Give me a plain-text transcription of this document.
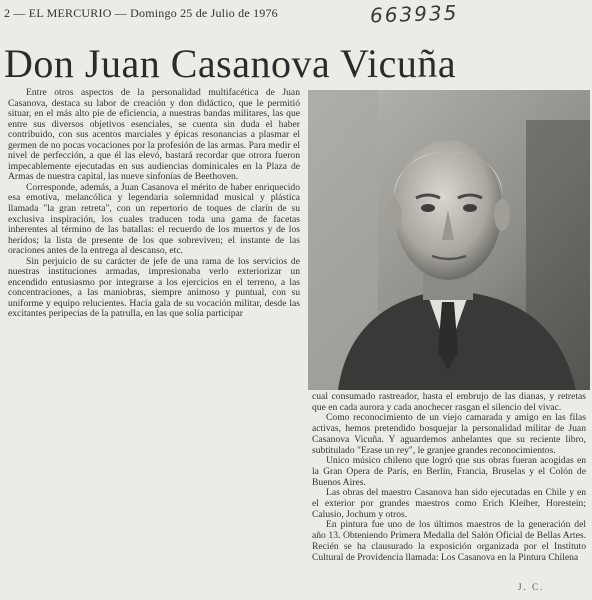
2 — EL MERCURIO — Domingo 25 de Julio de 1976	663935
Don Juan Casanova Vicuña

Entre otros aspectos de la personalidad multifacética de Juan Casanova, destaca su labor de creación y don didáctico, que le permitió situar, en el más alto pie de eficiencia, a nuestras bandas militares, las que entre sus diversos objetivos esenciales, se cuenta sin duda el haber contribuido, con sus acentos marciales y épicas resonancias a plasmar el germen de no pocas vocaciones por la profesión de las armas. Para medir el nivel de perfección, a que él las elevó, bastará recordar que otrora fueron impecablemente ejecutadas en sus audiencias dominicales en la Plaza de Armas de nuestra capital, las nueve sinfonías de Beethoven.

Corresponde, además, a Juan Casanova el mérito de haber enriquecido esa emotiva, melancólica y legendaria solemnidad musical y plástica llamada "la gran retreta", con un repertorio de toques de clarín de su exclusiva inspiración, los cuales traducen toda una gama de facetas inherentes al término de las batallas: el recuerdo de los muertos y de los heridos; la lista de presente de los que sobreviven; el instante de las oraciones antes de la entrega al descanso, etc.

Sin perjuicio de su carácter de jefe de una rama de los servicios de nuestras instituciones armadas, impresionaba verlo exteriorizar un encendido entusiasmo por integrarse a los ejercicios en el terreno, a las concentraciones, a las maniobras, siempre animoso y puntual, con su uniforme y equipo relucientes. Hacía gala de su vocación militar, desde las excitantes peripecias de la patrulla, en las que solía participar

cual consumado rastreador, hasta el embrujo de las dianas, y retretas que en cada aurora y cada anochecer rasgan el silencio del vivac.

Como reconocimiento de un viejo camarada y amigo en las filas activas, hemos pretendido bosquejar la personalidad militar de Juan Casanova Vicuña. Y aguardemos anhelantes que su reciente libro, subtitulado "Erase un rey", le granjee grandes reconocimientos.

Unico músico chileno que logró que sus obras fueran acogidas en la Gran Opera de París, en Berlín, Francia, Bruselas y el Colón de Buenos Aires.

Las obras del maestro Casanova han sido ejecutadas en Chile y en el exterior por grandes maestros como Erich Kleiber, Horestein; Calusio, Jochum y otros.

En pintura fue uno de los últimos maestros de la generación del año 13. Obteniendo Primera Medalla del Salón Oficial de Bellas Artes. Recién se ha clausurado la exposición organizada por el Instituto Cultural de Providencia llamada: Los Casanova en la Pintura Chilena

J. C.
